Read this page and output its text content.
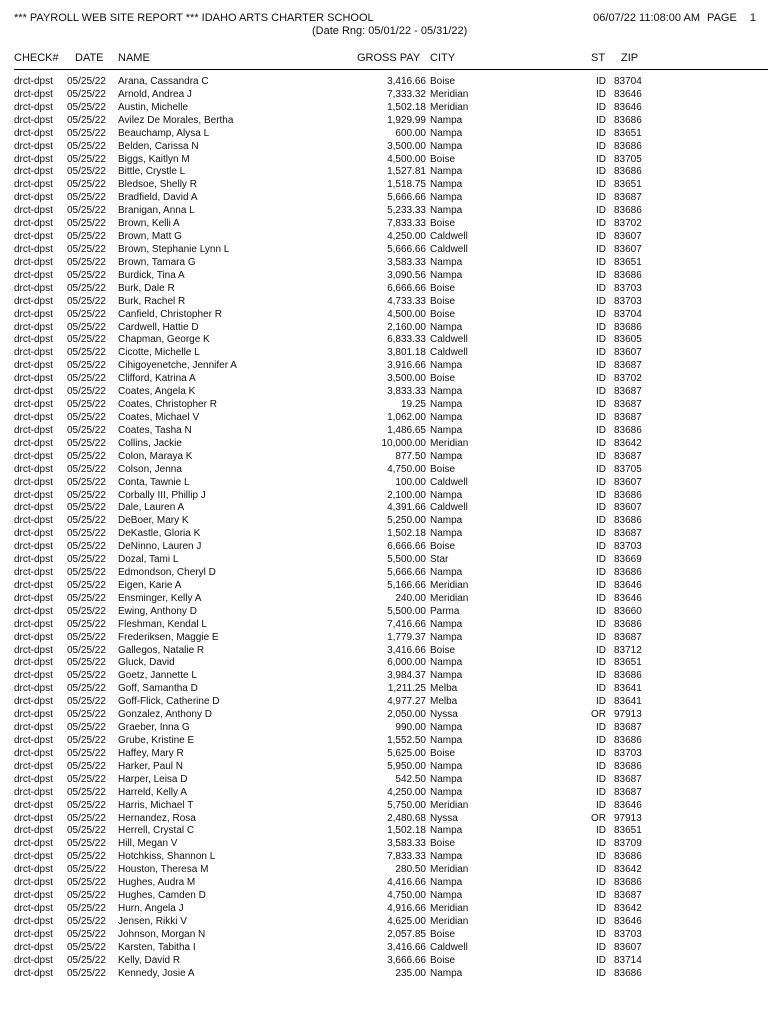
*** PAYROLL WEB SITE REPORT *** IDAHO ARTS CHARTER SCHOOL	06/07/22 11:08:00 AM PAGE 1
(Date Rng: 05/01/22 - 05/31/22)
CHECK# DATE NAME	GROSS PAY CITY	ST ZIP
drct-dpst 05/25/22 Arana, Cassandra C	3,416.66 Boise	ID 83704
drct-dpst 05/25/22 Arnold, Andrea J	7,333.32 Meridian	ID 83646
drct-dpst 05/25/22 Austin, Michelle	1,502.18 Meridian	ID 83646
drct-dpst 05/25/22 Avilez De Morales, Bertha	1,929.99 Nampa	ID 83686
drct-dpst 05/25/22 Beauchamp, Alysa L	600.00 Nampa	ID 83651
drct-dpst 05/25/22 Belden, Carissa N	3,500.00 Nampa	ID 83686
drct-dpst 05/25/22 Biggs, Kaitlyn M	4,500.00 Boise	ID 83705
drct-dpst 05/25/22 Bittle, Crystle L	1,527.81 Nampa	ID 83686
drct-dpst 05/25/22 Bledsoe, Shelly R	1,518.75 Nampa	ID 83651
drct-dpst 05/25/22 Bradfield, David A	5,666.66 Nampa	ID 83687
drct-dpst 05/25/22 Branigan, Anna L	5,233.33 Nampa	ID 83686
drct-dpst 05/25/22 Brown, Kelli A	7,833.33 Boise	ID 83702
drct-dpst 05/25/22 Brown, Matt G	4,250.00 Caldwell	ID 83607
drct-dpst 05/25/22 Brown, Stephanie Lynn L	5,666.66 Caldwell	ID 83607
drct-dpst 05/25/22 Brown, Tamara G	3,583.33 Nampa	ID 83651
drct-dpst 05/25/22 Burdick, Tina A	3,090.56 Nampa	ID 83686
drct-dpst 05/25/22 Burk, Dale R	6,666.66 Boise	ID 83703
drct-dpst 05/25/22 Burk, Rachel R	4,733.33 Boise	ID 83703
drct-dpst 05/25/22 Canfield, Christopher R	4,500.00 Boise	ID 83704
drct-dpst 05/25/22 Cardwell, Hattie D	2,160.00 Nampa	ID 83686
drct-dpst 05/25/22 Chapman, George K	6,833.33 Caldwell	ID 83605
drct-dpst 05/25/22 Cicotte, Michelle L	3,801.18 Caldwell	ID 83607
drct-dpst 05/25/22 Cihigoyenetche, Jennifer A	3,916.66 Nampa	ID 83687
drct-dpst 05/25/22 Clifford, Katrina A	3,500.00 Boise	ID 83702
drct-dpst 05/25/22 Coates, Angela K	3,833.33 Nampa	ID 83687
drct-dpst 05/25/22 Coates, Christopher R	19.25 Nampa	ID 83687
drct-dpst 05/25/22 Coates, Michael V	1,062.00 Nampa	ID 83687
drct-dpst 05/25/22 Coates, Tasha N	1,486.65 Nampa	ID 83686
drct-dpst 05/25/22 Collins, Jackie	10,000.00 Meridian	ID 83642
drct-dpst 05/25/22 Colon, Maraya K	877.50 Nampa	ID 83687
drct-dpst 05/25/22 Colson, Jenna	4,750.00 Boise	ID 83705
drct-dpst 05/25/22 Conta, Tawnie L	100.00 Caldwell	ID 83607
drct-dpst 05/25/22 Corbally III, Phillip J	2,100.00 Nampa	ID 83686
drct-dpst 05/25/22 Dale, Lauren A	4,391.66 Caldwell	ID 83607
drct-dpst 05/25/22 DeBoer, Mary K	5,250.00 Nampa	ID 83686
drct-dpst 05/25/22 DeKastle, Gloria K	1,502.18 Nampa	ID 83687
drct-dpst 05/25/22 DeNinno, Lauren J	6,666.66 Boise	ID 83703
drct-dpst 05/25/22 Dozal, Tami L	5,500.00 Star	ID 83669
drct-dpst 05/25/22 Edmondson, Cheryl D	5,666.66 Nampa	ID 83686
drct-dpst 05/25/22 Eigen, Karie A	5,166.66 Meridian	ID 83646
drct-dpst 05/25/22 Ensminger, Kelly A	240.00 Meridian	ID 83646
drct-dpst 05/25/22 Ewing, Anthony D	5,500.00 Parma	ID 83660
drct-dpst 05/25/22 Fleshman, Kendal L	7,416.66 Nampa	ID 83686
drct-dpst 05/25/22 Frederiksen, Maggie E	1,779.37 Nampa	ID 83687
drct-dpst 05/25/22 Gallegos, Natalie R	3,416.66 Boise	ID 83712
drct-dpst 05/25/22 Gluck, David	6,000.00 Nampa	ID 83651
drct-dpst 05/25/22 Goetz, Jannette L	3,984.37 Nampa	ID 83686
drct-dpst 05/25/22 Goff, Samantha D	1,211.25 Melba	ID 83641
drct-dpst 05/25/22 Goff-Flick, Catherine D	4,977.27 Melba	ID 83641
drct-dpst 05/25/22 Gonzalez, Anthony D	2,050.00 Nyssa	OR 97913
drct-dpst 05/25/22 Graeber, Inna G	990.00 Nampa	ID 83687
drct-dpst 05/25/22 Grube, Kristine E	1,552.50 Nampa	ID 83686
drct-dpst 05/25/22 Haffey, Mary R	5,625.00 Boise	ID 83703
drct-dpst 05/25/22 Harker, Paul N	5,950.00 Nampa	ID 83686
drct-dpst 05/25/22 Harper, Leisa D	542.50 Nampa	ID 83687
drct-dpst 05/25/22 Harreld, Kelly A	4,250.00 Nampa	ID 83687
drct-dpst 05/25/22 Harris, Michael T	5,750.00 Meridian	ID 83646
drct-dpst 05/25/22 Hernandez, Rosa	2,480.68 Nyssa	OR 97913
drct-dpst 05/25/22 Herrell, Crystal C	1,502.18 Nampa	ID 83651
drct-dpst 05/25/22 Hill, Megan V	3,583.33 Boise	ID 83709
drct-dpst 05/25/22 Hotchkiss, Shannon L	7,833.33 Nampa	ID 83686
drct-dpst 05/25/22 Houston, Theresa M	280.50 Meridian	ID 83642
drct-dpst 05/25/22 Hughes, Audra M	4,416.66 Nampa	ID 83686
drct-dpst 05/25/22 Hughes, Camden D	4,750.00 Nampa	ID 83687
drct-dpst 05/25/22 Hurn, Angela J	4,916.66 Meridian	ID 83642
drct-dpst 05/25/22 Jensen, Rikki V	4,625.00 Meridian	ID 83646
drct-dpst 05/25/22 Johnson, Morgan N	2,057.85 Boise	ID 83703
drct-dpst 05/25/22 Karsten, Tabitha I	3,416.66 Caldwell	ID 83607
drct-dpst 05/25/22 Kelly, David R	3,666.66 Boise	ID 83714
drct-dpst 05/25/22 Kennedy, Josie A	235.00 Nampa	ID 83686
